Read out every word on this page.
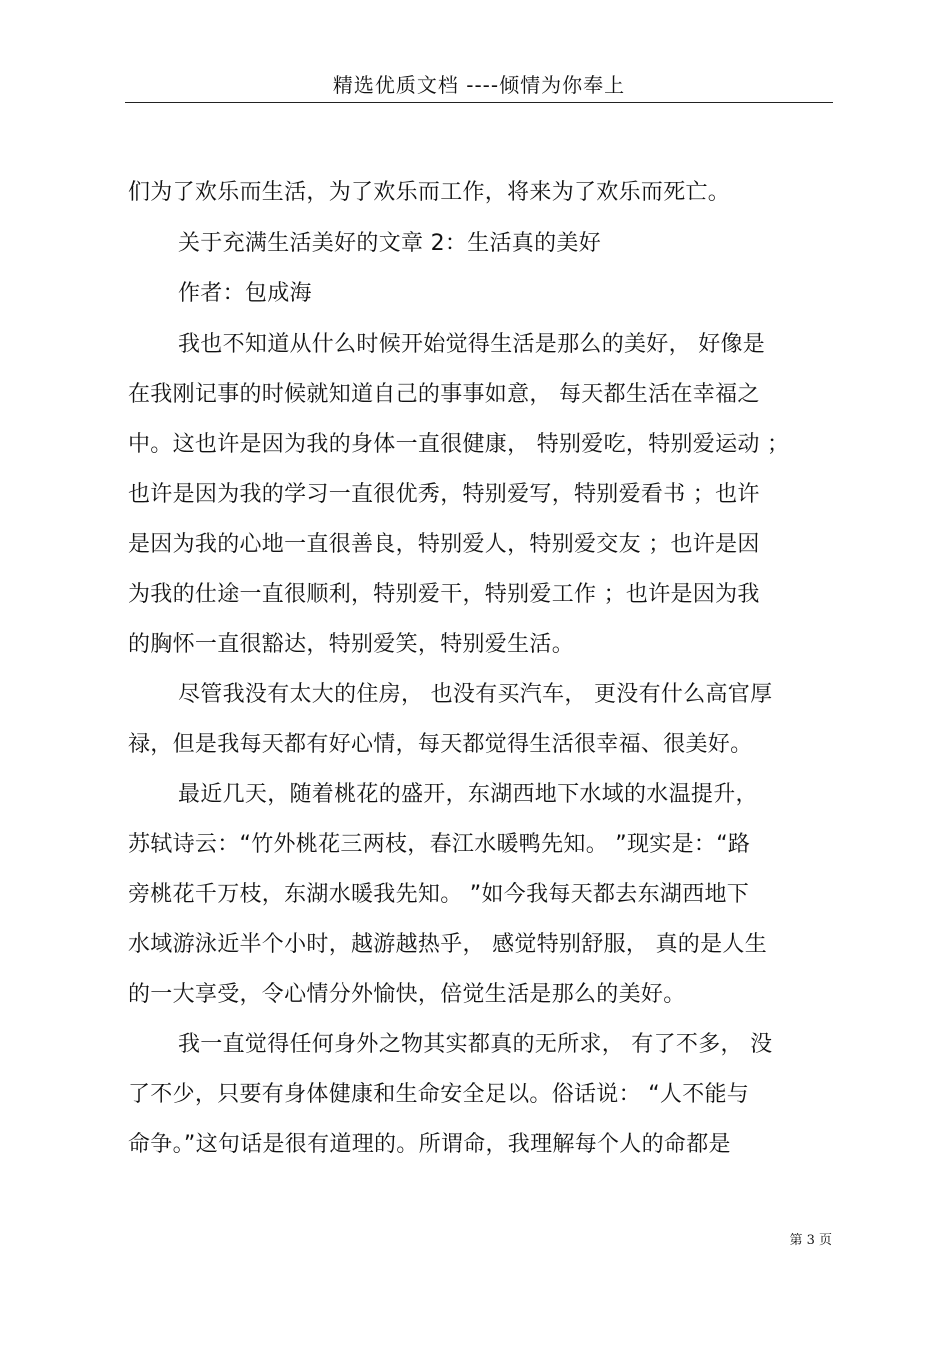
精选优质文档 ----倾情为你奉上
们为了欢乐而生活，为了欢乐而工作，将来为了欢乐而死亡。
关于充满生活美好的文章 2：生活真的美好
作者：包成海
我也不知道从什么时候开始觉得生活是那么的美好， 好像是
在我刚记事的时候就知道自己的事事如意， 每天都生活在幸福之
中。这也许是因为我的身体一直很健康， 特别爱吃，特别爱运动 ；
也许是因为我的学习一直很优秀，特别爱写，特别爱看书 ；也许
是因为我的心地一直很善良，特别爱人，特别爱交友 ；也许是因
为我的仕途一直很顺利，特别爱干，特别爱工作 ；也许是因为我
的胸怀一直很豁达，特别爱笑，特别爱生活。
尽管我没有太大的住房， 也没有买汽车， 更没有什么高官厚
禄，但是我每天都有好心情，每天都觉得生活很幸福、很美好。
最近几天，随着桃花的盛开，东湖西地下水域的水温提升，
苏轼诗云：“竹外桃花三两枝，春江水暖鸭先知。 ”现实是：“路
旁桃花千万枝，东湖水暖我先知。 ”如今我每天都去东湖西地下
水域游泳近半个小时，越游越热乎， 感觉特别舒服， 真的是人生
的一大享受，令心情分外愉快，倍觉生活是那么的美好。
我一直觉得任何身外之物其实都真的无所求， 有了不多， 没
了不少，只要有身体健康和生命安全足以。俗话说： “人不能与
命争。”这句话是很有道理的。所谓命，我理解每个人的命都是
第 3 页
